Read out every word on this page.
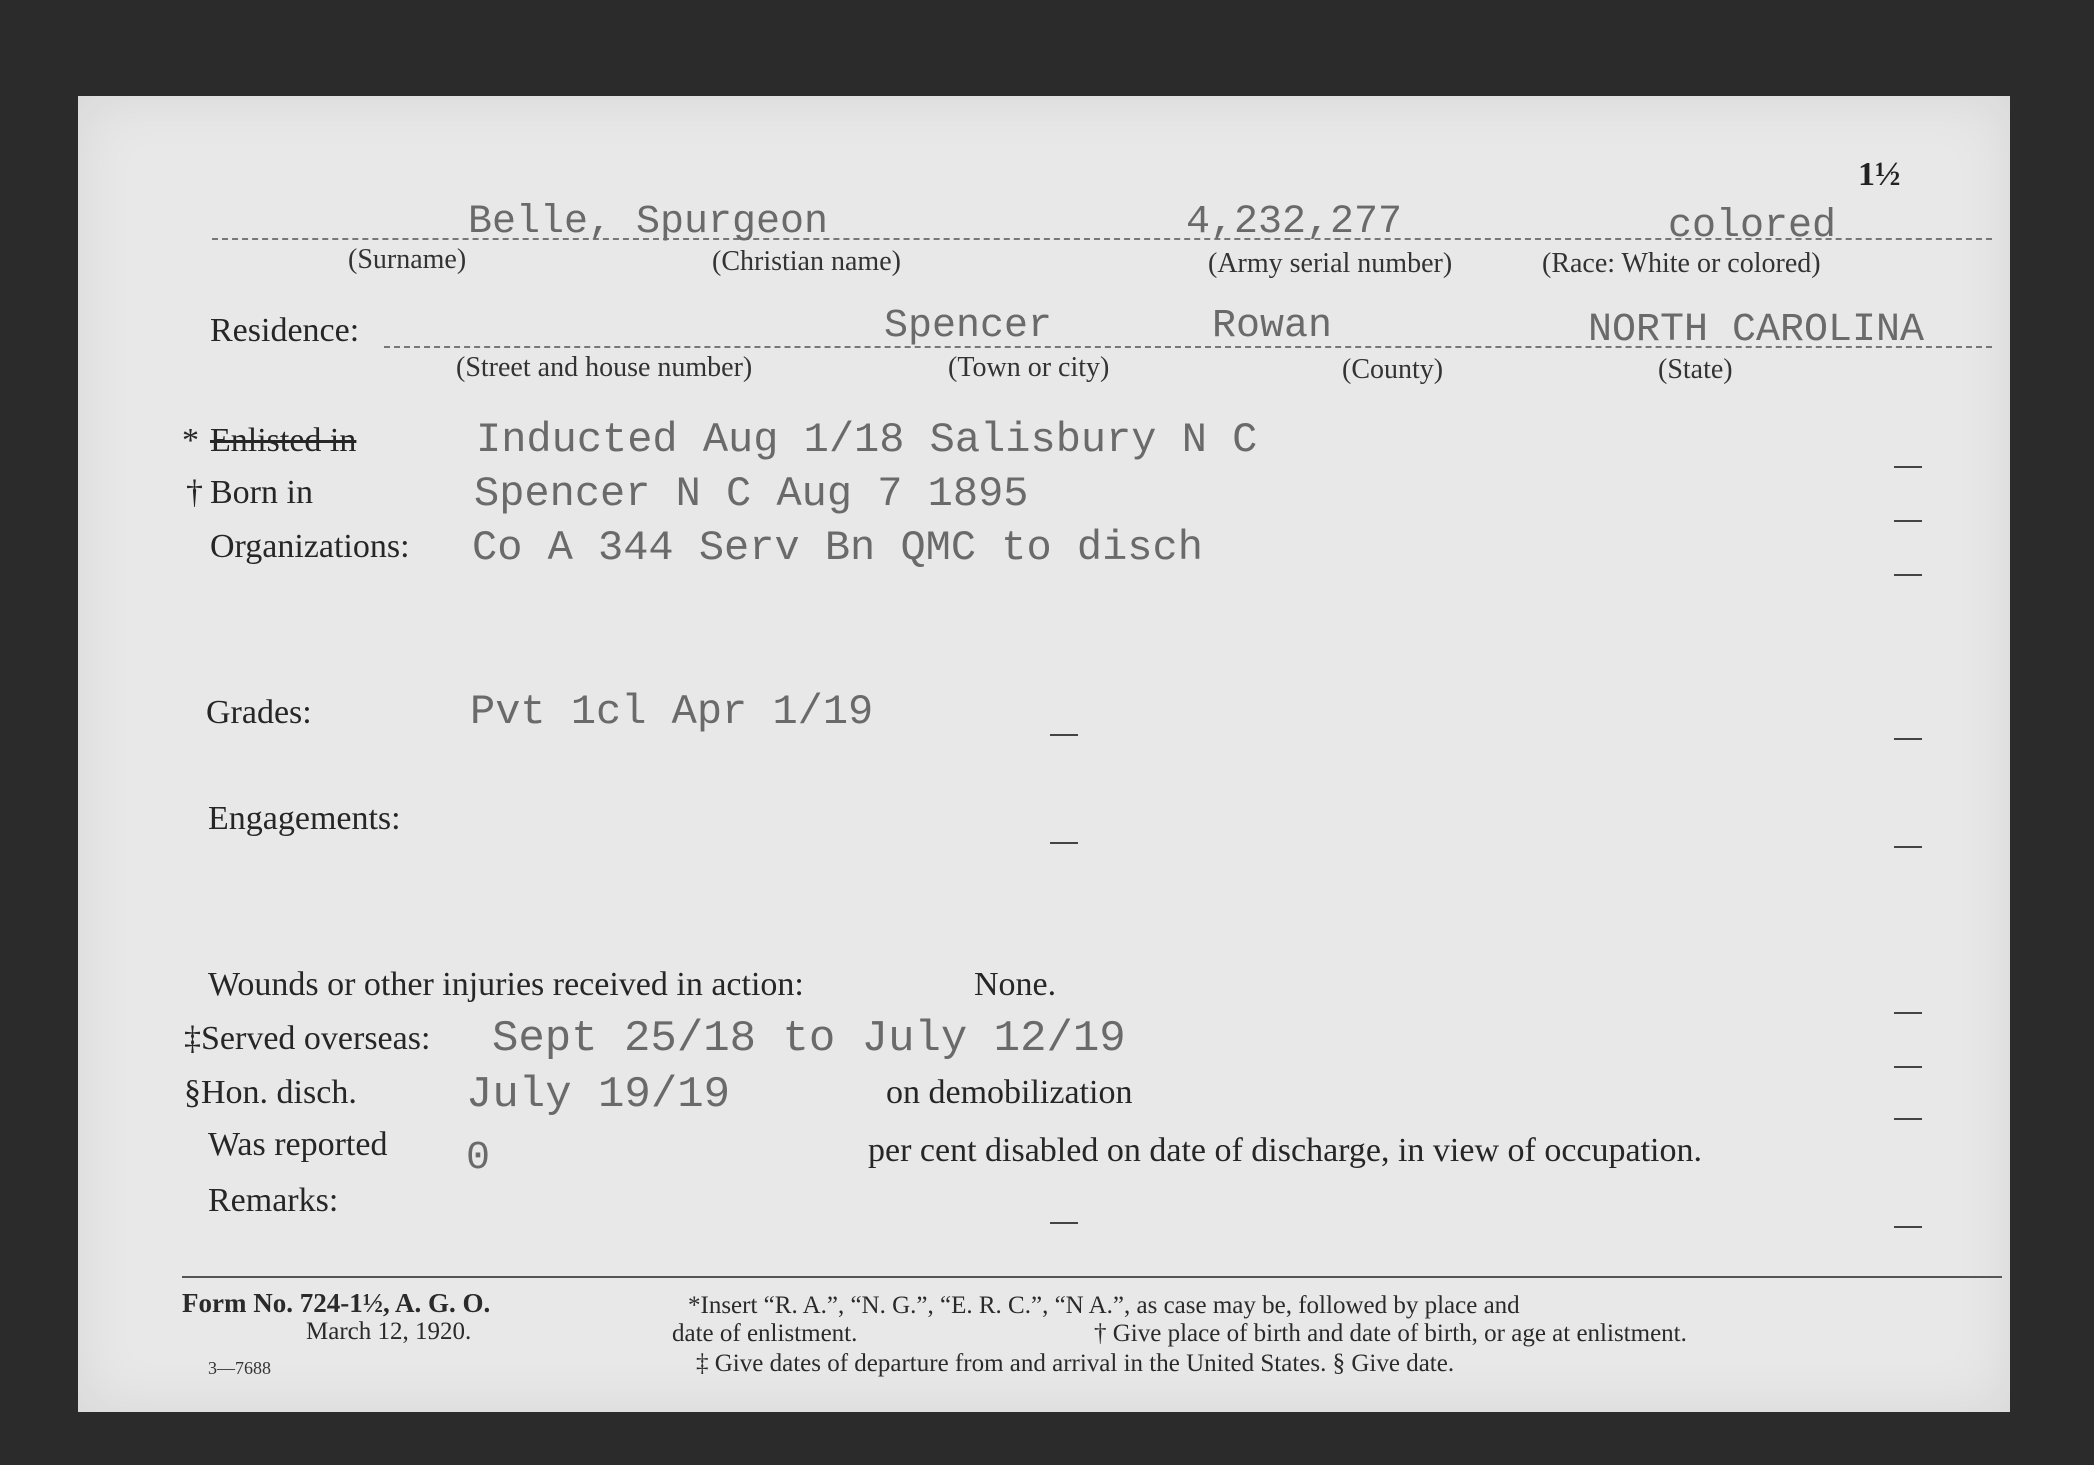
1½
Belle, Spurgeon	4,232,277	colored
(Surname)	(Christian name)	(Army serial number)	(Race: White or colored)
Residence:	Spencer	Rowan	NORTH CAROLINA
(Street and house number)	(Town or city)	(County)	(State)
* Enlisted in	Inducted Aug 1/18 Salisbury N C
† Born in	Spencer N C Aug 7 1895
Organizations: Co A 344 Serv Bn QMC to disch
Grades:	Pvt 1cl Apr 1/19
Engagements:
Wounds or other injuries received in action:	None.
‡Served overseas: Sept 25/18 to July 12/19
§Hon. disch. July 19/19	on demobilization
Was reported 0	per cent disabled on date of discharge, in view of occupation.
Remarks:
Form No. 724-1½, A. G. O.
March 12, 1920.
3—7688
*Insert “R. A.”, “N. G.”, “E. R. C.”, “N A.”, as case may be, followed by place and
date of enlistment.	† Give place of birth and date of birth, or age at enlistment.
‡ Give dates of departure from and arrival in the United States. § Give date.
